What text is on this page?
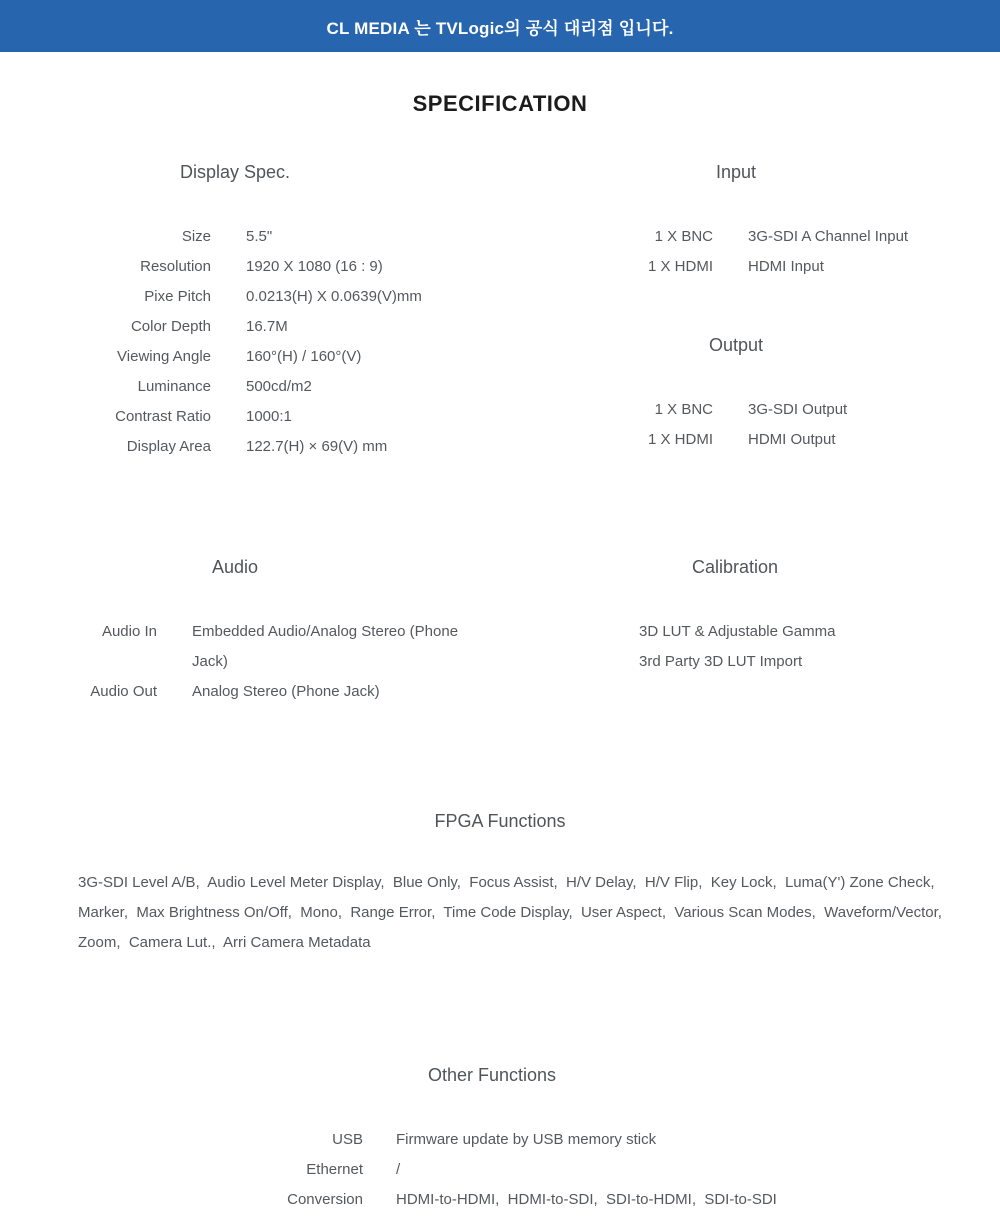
CL MEDIA 는 TVLogic의 공식 대리점 입니다.
SPECIFICATION
Display Spec.
Size 5.5"
Resolution 1920 X 1080 (16 : 9)
Pixe Pitch 0.0213(H) X 0.0639(V)mm
Color Depth 16.7M
Viewing Angle 160°(H) / 160°(V)
Luminance 500cd/m2
Contrast Ratio 1000:1
Display Area 122.7(H) × 69(V) mm
Input
1 X BNC 3G-SDI A Channel Input
1 X HDMI HDMI Input
Output
1 X BNC 3G-SDI Output
1 X HDMI HDMI Output
Audio
Audio In Embedded Audio/Analog Stereo (Phone Jack)
Audio Out Analog Stereo (Phone Jack)
Calibration
3D LUT & Adjustable Gamma
3rd Party 3D LUT Import
FPGA Functions
3G-SDI Level A/B,  Audio Level Meter Display,  Blue Only,  Focus Assist,  H/V Delay,  H/V Flip,  Key Lock,  Luma(Y') Zone Check,
Marker,  Max Brightness On/Off,  Mono,  Range Error,  Time Code Display,  User Aspect,  Various Scan Modes,  Waveform/Vector,
Zoom,  Camera Lut.,  Arri Camera Metadata
Other Functions
USB Firmware update by USB memory stick
Ethernet /
Conversion HDMI-to-HDMI,  HDMI-to-SDI,  SDI-to-HDMI,  SDI-to-SDI
